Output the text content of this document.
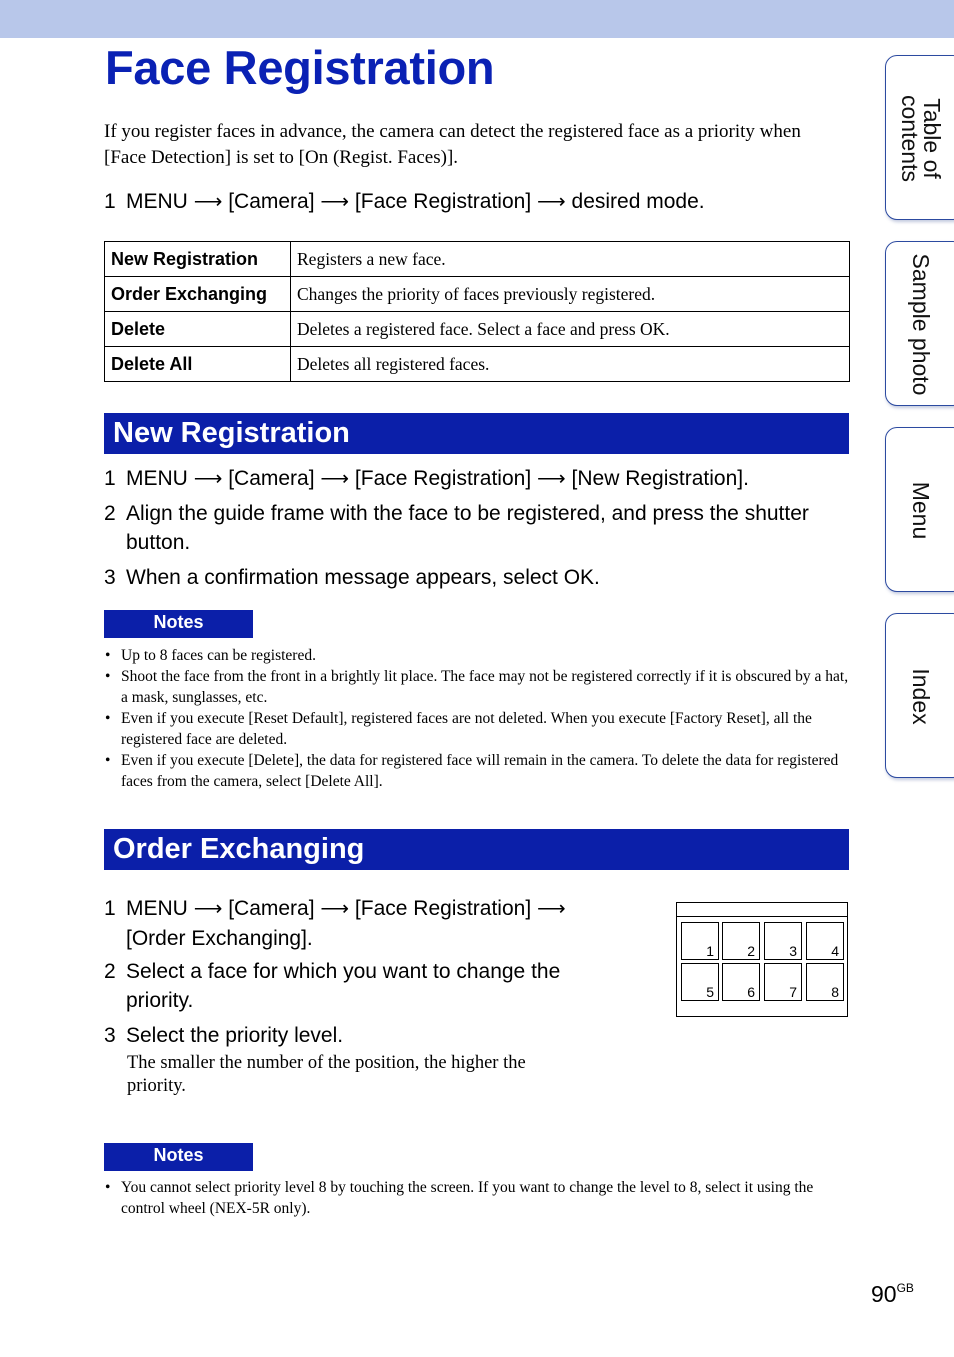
Face Registration

If you register faces in advance, the camera can detect the registered face as a priority when [Face Detection] is set to [On (Regist. Faces)].

1 MENU ⟶ [Camera] ⟶ [Face Registration] ⟶ desired mode.
New Registration	Registers a new face.
Order Exchanging	Changes the priority of faces previously registered.
Delete	Deletes a registered face. Select a face and press OK.
Delete All	Deletes all registered faces.
New Registration
1 MENU ⟶ [Camera] ⟶ [Face Registration] ⟶ [New Registration].
2 Align the guide frame with the face to be registered, and press the shutter button.
3 When a confirmation message appears, select OK.
Notes
• Up to 8 faces can be registered.
• Shoot the face from the front in a brightly lit place. The face may not be registered correctly if it is obscured by a hat, a mask, sunglasses, etc.
• Even if you execute [Reset Default], registered faces are not deleted. When you execute [Factory Reset], all the registered face are deleted.
• Even if you execute [Delete], the data for registered face will remain in the camera. To delete the data for registered faces from the camera, select [Delete All].
Order Exchanging
1 MENU ⟶ [Camera] ⟶ [Face Registration] ⟶ [Order Exchanging].
2 Select a face for which you want to change the priority.
3 Select the priority level.

The smaller the number of the position, the higher the priority.

1 2 3 4
5 6 7 8
Notes
• You cannot select priority level 8 by touching the screen. If you want to change the level to 8, select it using the control wheel (NEX-5R only).
Table of contents
Sample photo
Menu
Index
$90^{GB}$
